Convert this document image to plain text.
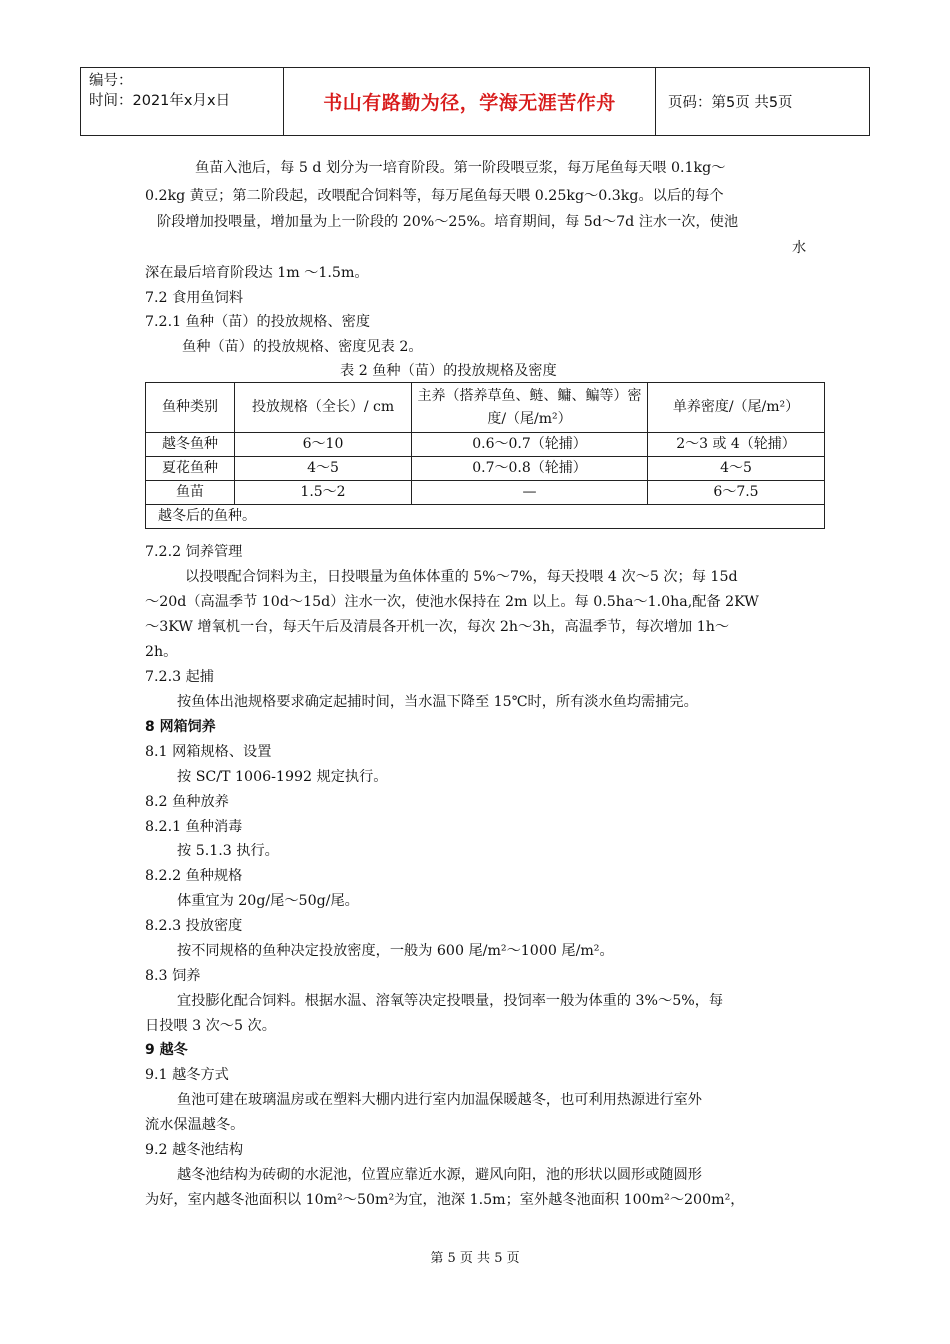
编号：
时间：2021年x月x日	书山有路勤为径，学海无涯苦作舟	页码：第5页 共5页
鱼苗入池后，每 5 d 划分为一培育阶段。第一阶段喂豆浆，每万尾鱼每天喂 0.1kg～
0.2kg 黄豆；第二阶段起，改喂配合饲料等，每万尾鱼每天喂 0.25kg～0.3kg。以后的每个
阶段增加投喂量，增加量为上一阶段的 20%～25%。培育期间，每 5d～7d 注水一次，使池
水
深在最后培育阶段达 1m ～1.5m。
7.2 食用鱼饲料
7.2.1 鱼种（苗）的投放规格、密度
鱼种（苗）的投放规格、密度见表 2。
表 2 鱼种（苗）的投放规格及密度
鱼种类别	投放规格（全长）/ cm	主养（搭养草鱼、鲢、鳙、鳊等）密度/（尾/m²）	单养密度/（尾/m²）
越冬鱼种	6～10	0.6～0.7（轮捕）	2～3 或 4（轮捕）
夏花鱼种	4～5	0.7～0.8（轮捕）	4～5
鱼苗	1.5～2	—	6～7.5
越冬后的鱼种。			
7.2.2 饲养管理
以投喂配合饲料为主，日投喂量为鱼体体重的 5%～7%，每天投喂 4 次～5 次；每 15d
～20d（高温季节 10d～15d）注水一次，使池水保持在 2m 以上。每 0.5ha～1.0ha,配备 2KW
～3KW 增氧机一台，每天午后及清晨各开机一次，每次 2h～3h，高温季节，每次增加 1h～
2h。
7.2.3 起捕
按鱼体出池规格要求确定起捕时间，当水温下降至 15℃时，所有淡水鱼均需捕完。
8 网箱饲养
8.1 网箱规格、设置
按 SC/T 1006-1992 规定执行。
8.2 鱼种放养
8.2.1 鱼种消毒
按 5.1.3 执行。
8.2.2 鱼种规格
体重宜为 20g/尾～50g/尾。
8.2.3 投放密度
按不同规格的鱼种决定投放密度，一般为 600 尾/m²～1000 尾/m²。
8.3 饲养
宜投膨化配合饲料。根据水温、溶氧等决定投喂量，投饲率一般为体重的 3%～5%，每
日投喂 3 次～5 次。
9 越冬
9.1 越冬方式
鱼池可建在玻璃温房或在塑料大棚内进行室内加温保暖越冬，也可利用热源进行室外
流水保温越冬。
9.2 越冬池结构
越冬池结构为砖砌的水泥池，位置应靠近水源，避风向阳，池的形状以圆形或随圆形
为好，室内越冬池面积以 10m²～50m²为宜，池深 1.5m；室外越冬池面积 100m²～200m²，
第 5 页 共 5 页
